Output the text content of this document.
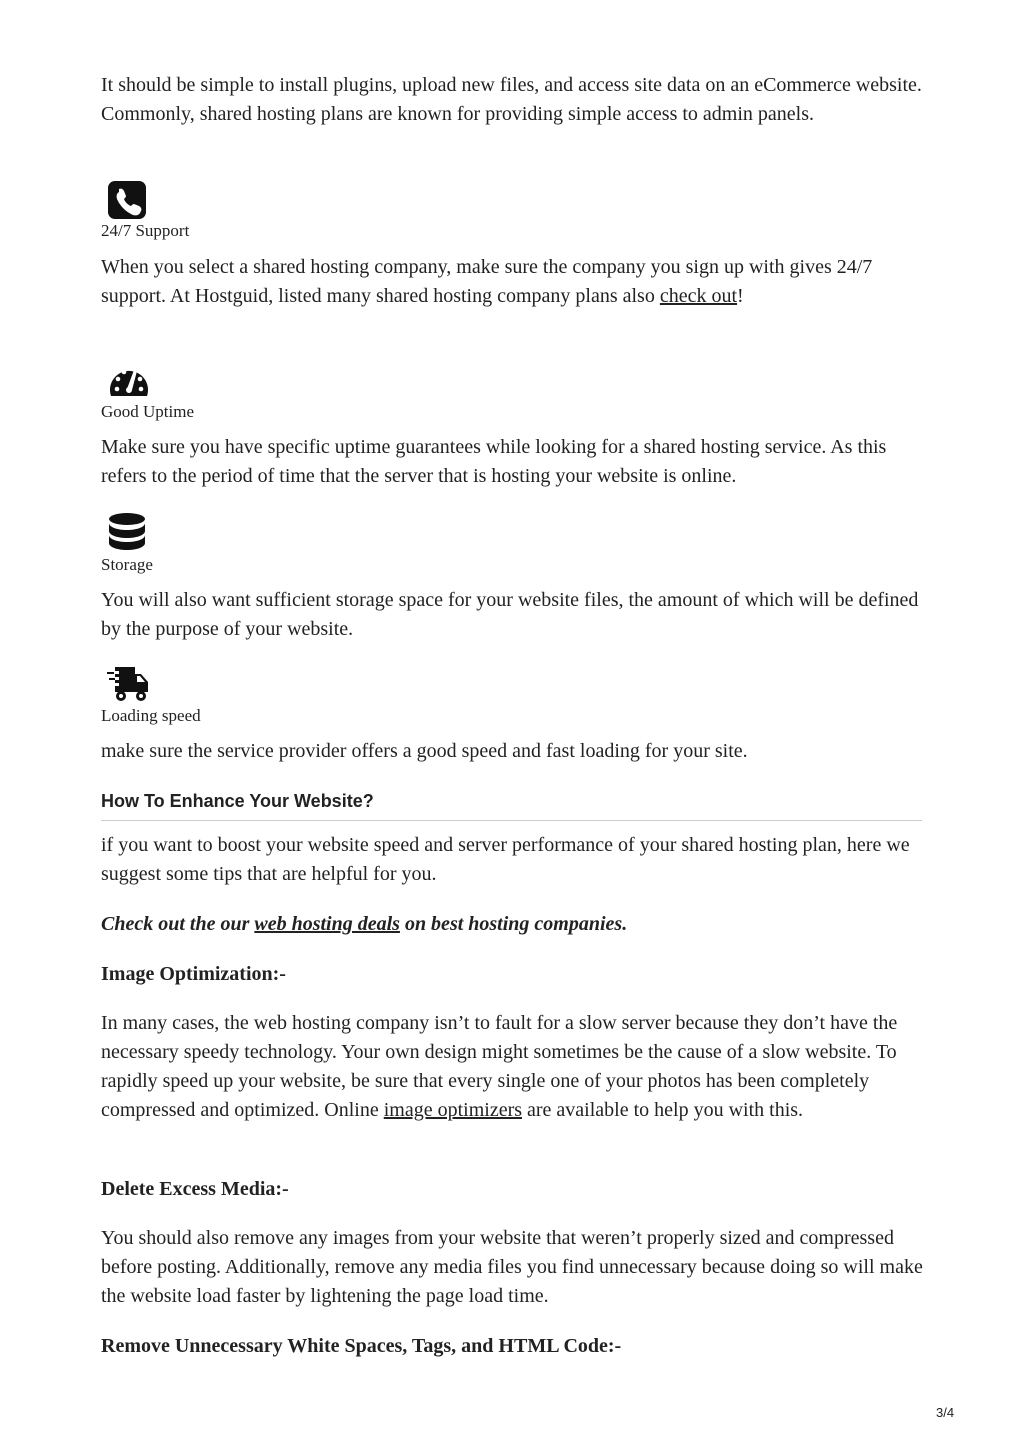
It should be simple to install plugins, upload new files, and access site data on an eCommerce website. Commonly, shared hosting plans are known for providing simple access to admin panels.

24/7 Support

When you select a shared hosting company, make sure the company you sign up with gives 24/7 support. At Hostguid, listed many shared hosting company plans also check out!

Good Uptime

Make sure you have specific uptime guarantees while looking for a shared hosting service. As this refers to the period of time that the server that is hosting your website is online.

Storage

You will also want sufficient storage space for your website files, the amount of which will be defined by the purpose of your website.

Loading speed

make sure the service provider offers a good speed and fast loading for your site.

How To Enhance Your Website?

if you want to boost your website speed and server performance of your shared hosting plan, here we suggest some tips that are helpful for you.

Check out the our web hosting deals on best hosting companies.
Image Optimization:-

In many cases, the web hosting company isn’t to fault for a slow server because they don’t have the necessary speedy technology. Your own design might sometimes be the cause of a slow website. To rapidly speed up your website, be sure that every single one of your photos has been completely compressed and optimized. Online image optimizers are available to help you with this.

Delete Excess Media:-

You should also remove any images from your website that weren’t properly sized and compressed before posting. Additionally, remove any media files you find unnecessary because doing so will make the website load faster by lightening the page load time.

Remove Unnecessary White Spaces, Tags, and HTML Code:-
3/4
